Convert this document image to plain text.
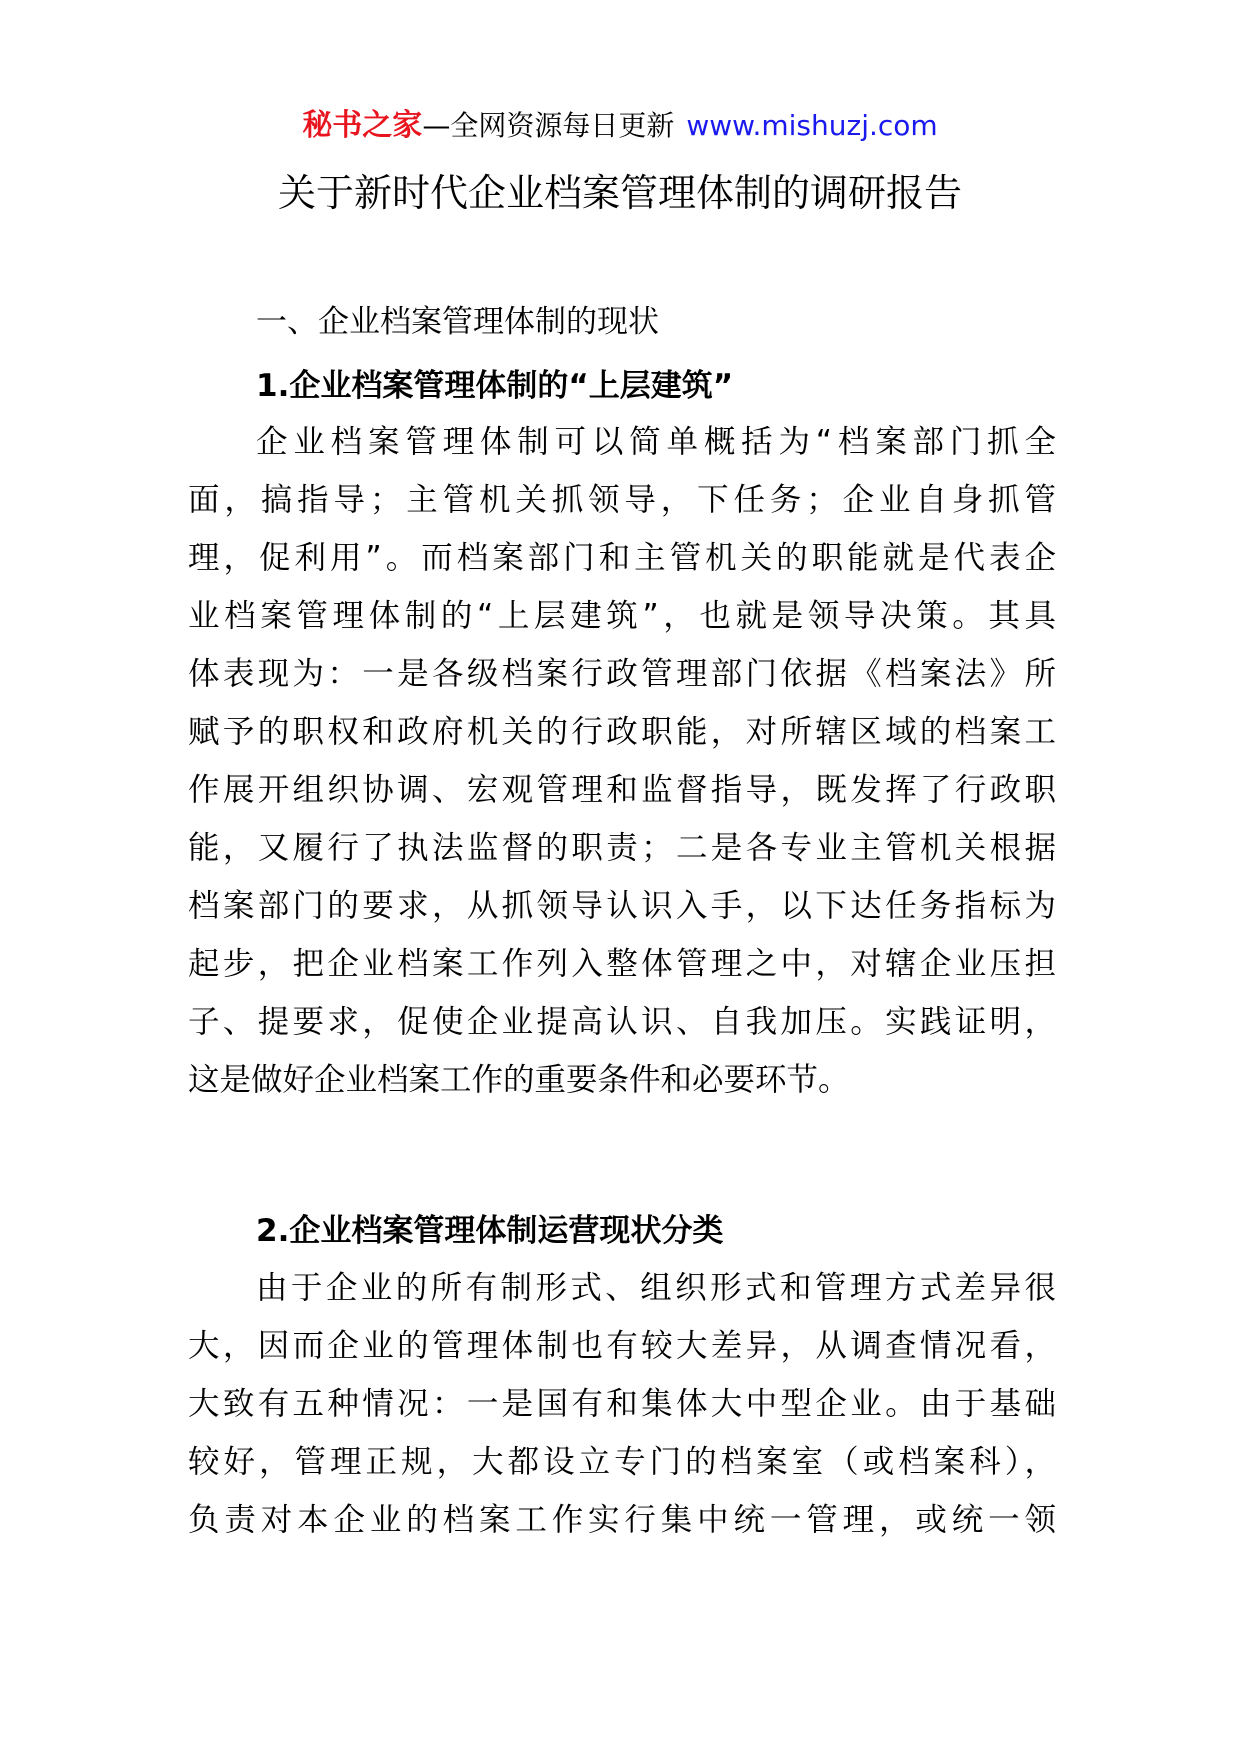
秘书之家—全网资源每日更新 www.mishuzj.com
关于新时代企业档案管理体制的调研报告
一、企业档案管理体制的现状
1.企业档案管理体制的“上层建筑”

企业档案管理体制可以简单概括为“档案部门抓全

面，搞指导；主管机关抓领导，下任务；企业自身抓管

理，促利用”。而档案部门和主管机关的职能就是代表企

业档案管理体制的“上层建筑”，也就是领导决策。其具

体表现为：一是各级档案行政管理部门依据《档案法》所

赋予的职权和政府机关的行政职能，对所辖区域的档案工

作展开组织协调、宏观管理和监督指导，既发挥了行政职

能，又履行了执法监督的职责；二是各专业主管机关根据

档案部门的要求，从抓领导认识入手，以下达任务指标为

起步，把企业档案工作列入整体管理之中，对辖企业压担

子、提要求，促使企业提高认识、自我加压。实践证明，

这是做好企业档案工作的重要条件和必要环节。

2.企业档案管理体制运营现状分类

由于企业的所有制形式、组织形式和管理方式差异很

大，因而企业的管理体制也有较大差异，从调查情况看，

大致有五种情况：一是国有和集体大中型企业。由于基础

较好，管理正规，大都设立专门的档案室（或档案科），

负责对本企业的档案工作实行集中统一管理，或统一领
